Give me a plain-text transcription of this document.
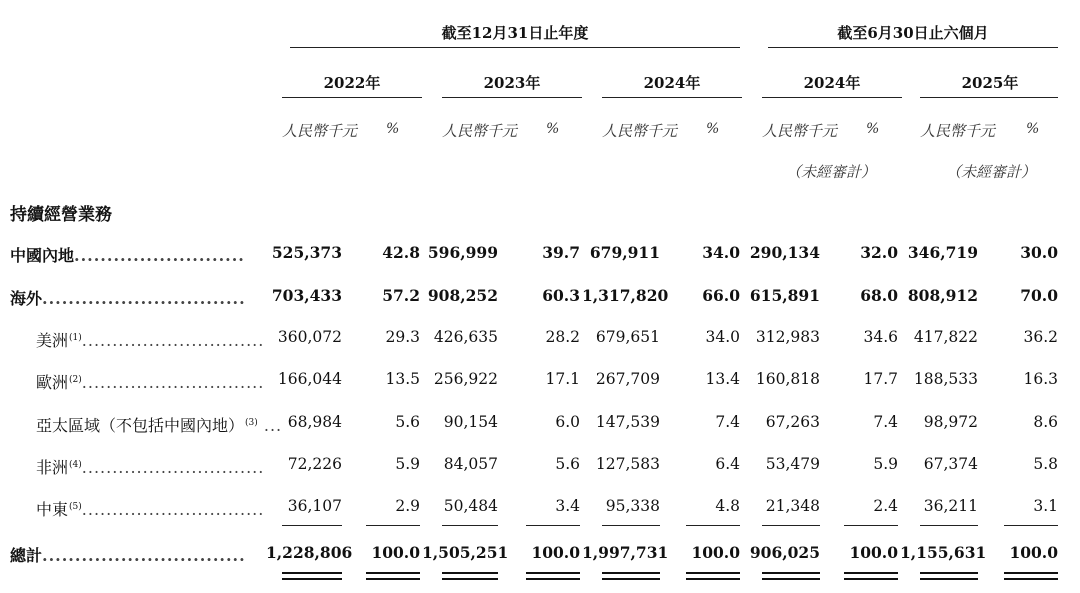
截至12月31日止年度	截至6月30日止六個月
2022年	2023年	2024年	2024年	2025年
人民幣千元 %	人民幣千元 %	人民幣千元 %	人民幣千元 %	人民幣千元 %
（未經審計）	（未經審計）
持續經營業務
中國內地..........................	525,373	42.8 596,999	39.7 679,911	34.0 290,134	32.0 346,719	30.0
海外...............................	703,433	57.2 908,252	60.3 1,317,820	66.0 615,891	68.0 808,912	70.0
美洲$^{(1)}$.............................. 360,072	29.3 426,635	28.2	679,651	34.0	312,983	34.6	417,822	36.2
歐洲$^{(2)}$.............................. 166,044	13.5 256,922	17.1	267,709	13.4	160,818	17.7	188,533	16.3
亞太區域（不包括中國內地）$^{(3)}$ ... 68,984	5.6	90,154	6.0	147,539	7.4	67,263	7.4	98,972	8.6
非洲$^{(4)}$..............................	72,226	5.9	84,057	5.6	127,583	6.4	53,479	5.9	67,374	5.8
中東$^{(5)}$..............................	36,107	2.9	50,484	3.4	95,338	4.8	21,348	2.4	36,211	3.1
總計...............................	1,228,806	100.0 1,505,251	100.0 1,997,731	100.0 906,025	100.0 1,155,631	100.0
